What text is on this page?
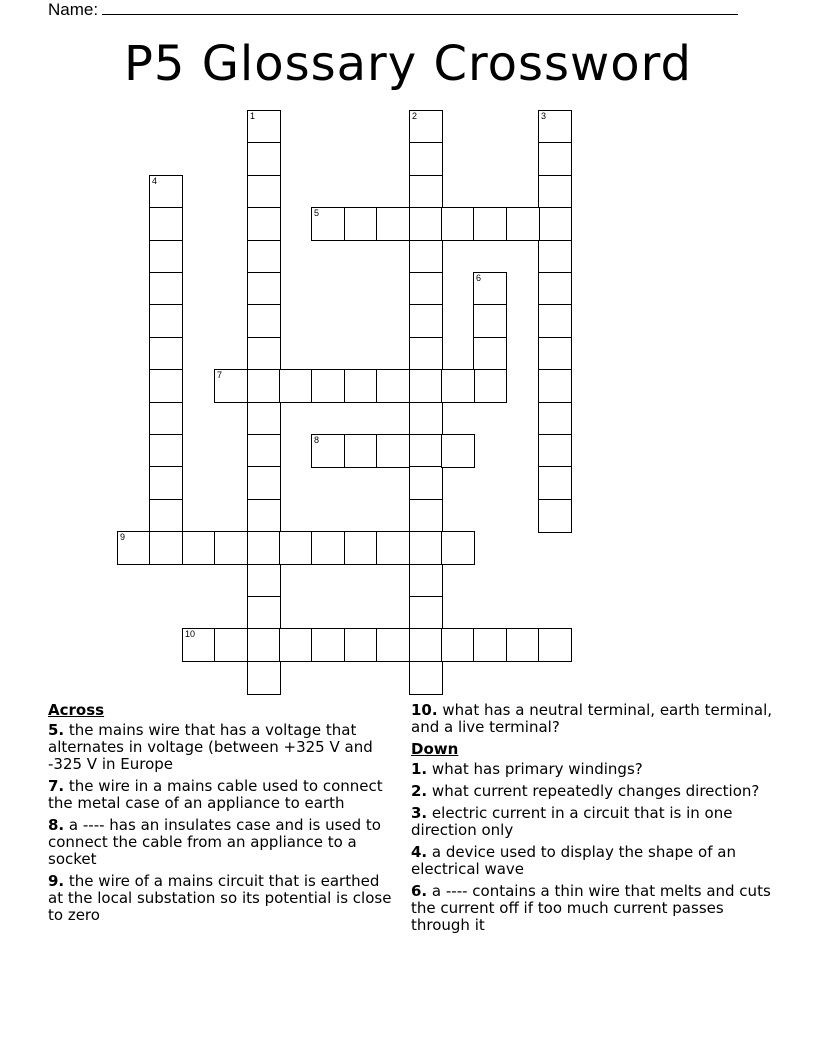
Name:
P5 Glossary Crossword
1	2	3
4
5
6
7
8
9
10
Across
5. the mains wire that has a voltage that alternates in voltage (between +325 V and -325 V in Europe
7. the wire in a mains cable used to connect the metal case of an appliance to earth
8. a ---- has an insulates case and is used to connect the cable from an appliance to a socket
9. the wire of a mains circuit that is earthed at the local substation so its potential is close to zero
10. what has a neutral terminal, earth terminal, and a live terminal?
Down
1. what has primary windings?
2. what current repeatedly changes direction?
3. electric current in a circuit that is in one direction only
4. a device used to display the shape of an electrical wave
6. a ---- contains a thin wire that melts and cuts the current off if too much current passes through it
